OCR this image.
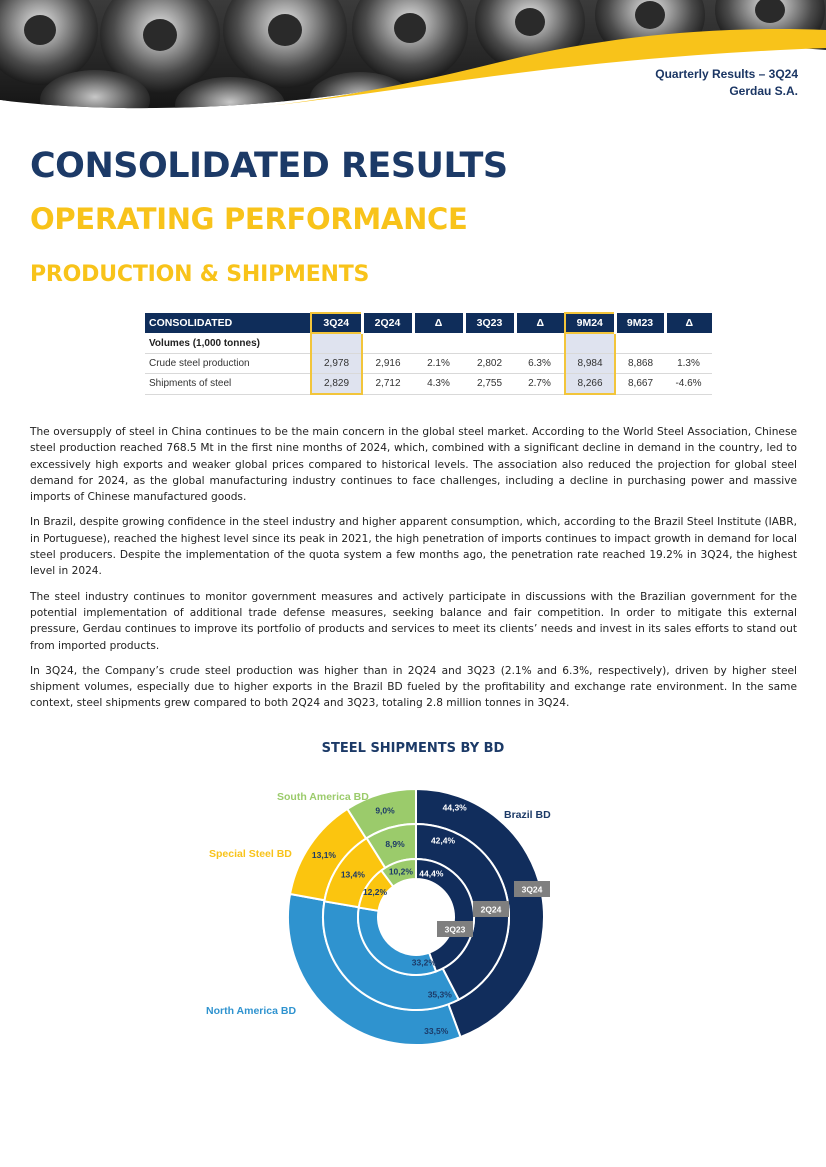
Quarterly Results – 3Q24
Gerdau S.A.
CONSOLIDATED RESULTS
OPERATING PERFORMANCE
PRODUCTION & SHIPMENTS
CONSOLIDATED	3Q24	2Q24	Δ	3Q23	Δ	9M24	9M23	Δ
Volumes (1,000 tonnes)								
Crude steel production	2,978	2,916	2.1%	2,802	6.3%	8,984	8,868	1.3%
Shipments of steel	2,829	2,712	4.3%	2,755	2.7%	8,266	8,667	-4.6%

The oversupply of steel in China continues to be the main concern in the global steel market. According to the World Steel Association, Chinese steel production reached 768.5 Mt in the first nine months of 2024, which, combined with a significant decline in demand in the country, led to excessively high exports and weaker global prices compared to historical levels. The association also reduced the projection for global steel demand for 2024, as the global manufacturing industry continues to face challenges, including a decline in purchasing power and massive imports of Chinese manufactured goods.

In Brazil, despite growing confidence in the steel industry and higher apparent consumption, which, according to the Brazil Steel Institute (IABR, in Portuguese), reached the highest level since its peak in 2021, the high penetration of imports continues to impact growth in demand for local steel producers. Despite the implementation of the quota system a few months ago, the penetration rate reached 19.2% in 3Q24, the highest level in 2024.

The steel industry continues to monitor government measures and actively participate in discussions with the Brazilian government for the potential implementation of additional trade defense measures, seeking balance and fair competition. In order to mitigate this external pressure, Gerdau continues to improve its portfolio of products and services to meet its clients’ needs and invest in its sales efforts to stand out from imported products.

In 3Q24, the Company’s crude steel production was higher than in 2Q24 and 3Q23 (2.1% and 6.3%, respectively), driven by higher steel shipment volumes, especially due to higher exports in the Brazil BD fueled by the profitability and exchange rate environment. In the same context, steel shipments grew compared to both 2Q24 and 3Q23, totaling 2.8 million tonnes in 3Q24.

STEEL SHIPMENTS BY BD
44,3%
33,5%
13,1%
9,0%
42,4%
35,3%
13,4%
8,9%
44,4%
33,2%
12,2%
10,2%
3Q24
2Q24
3Q23
Brazil BD
North America BD
Special Steel BD
South America BD
